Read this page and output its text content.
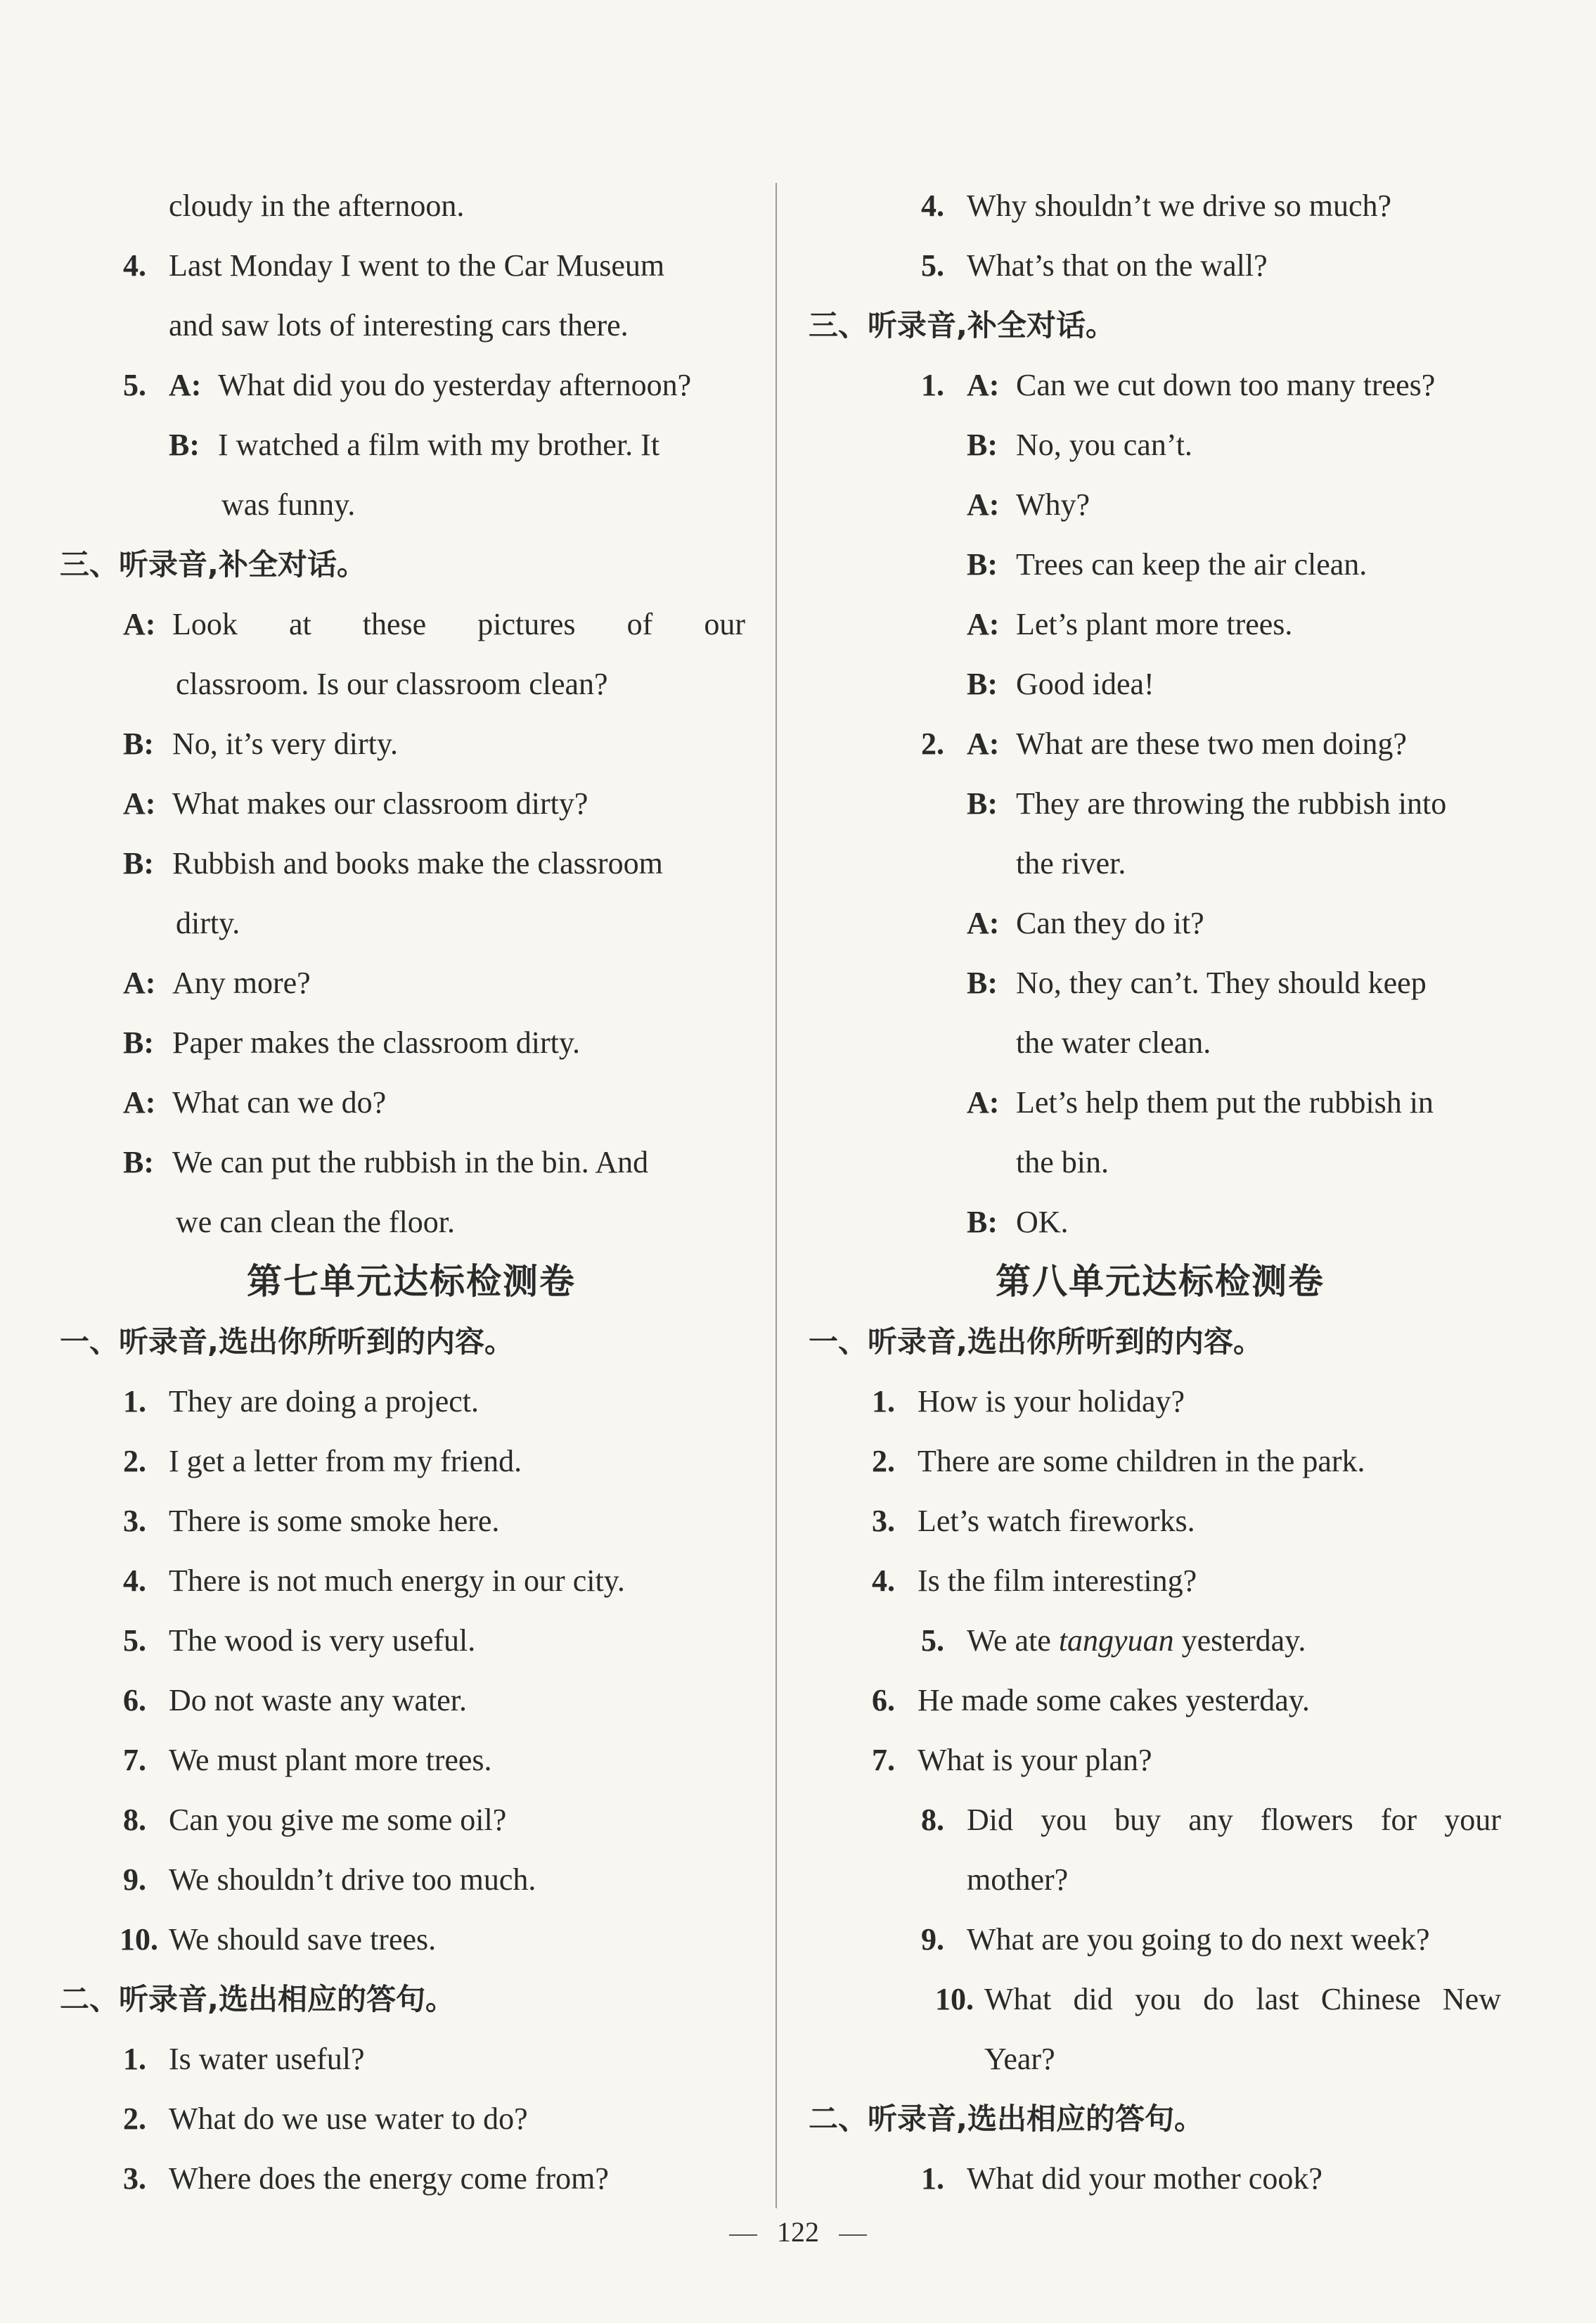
cloudy in the afternoon.
4. Last Monday I went to the Car Museum
and saw lots of interesting cars there.
5. A: What did you do yesterday afternoon?
B: I watched a film with my brother. It
was funny.
三、听录音,补全对话。
A: Look at these pictures of our
classroom. Is our classroom clean?
B: No, it’s very dirty.
A: What makes our classroom dirty?
B: Rubbish and books make the classroom
dirty.
A: Any more?
B: Paper makes the classroom dirty.
A: What can we do?
B: We can put the rubbish in the bin. And
we can clean the floor.
第七单元达标检测卷
一、听录音,选出你所听到的内容。
1. They are doing a project.
2. I get a letter from my friend.
3. There is some smoke here.
4. There is not much energy in our city.
5. The wood is very useful.
6. Do not waste any water.
7. We must plant more trees.
8. Can you give me some oil?
9. We shouldn’t drive too much.
10. We should save trees.
二、听录音,选出相应的答句。
1. Is water useful?
2. What do we use water to do?
3. Where does the energy come from?
4. Why shouldn’t we drive so much?
5. What’s that on the wall?
三、听录音,补全对话。
1. A: Can we cut down too many trees?
B: No, you can’t.
A: Why?
B: Trees can keep the air clean.
A: Let’s plant more trees.
B: Good idea!
2. A: What are these two men doing?
B: They are throwing the rubbish into
the river.
A: Can they do it?
B: No, they can’t. They should keep
the water clean.
A: Let’s help them put the rubbish in
the bin.
B: OK.
第八单元达标检测卷
一、听录音,选出你所听到的内容。
1. How is your holiday?
2. There are some children in the park.
3. Let’s watch fireworks.
4. Is the film interesting?
5. We ate tangyuan yesterday.
6. He made some cakes yesterday.
7. What is your plan?
8. Did you buy any flowers for your
mother?
9. What are you going to do next week?
10. What did you do last Chinese New
Year?
二、听录音,选出相应的答句。
1. What did your mother cook?
122
